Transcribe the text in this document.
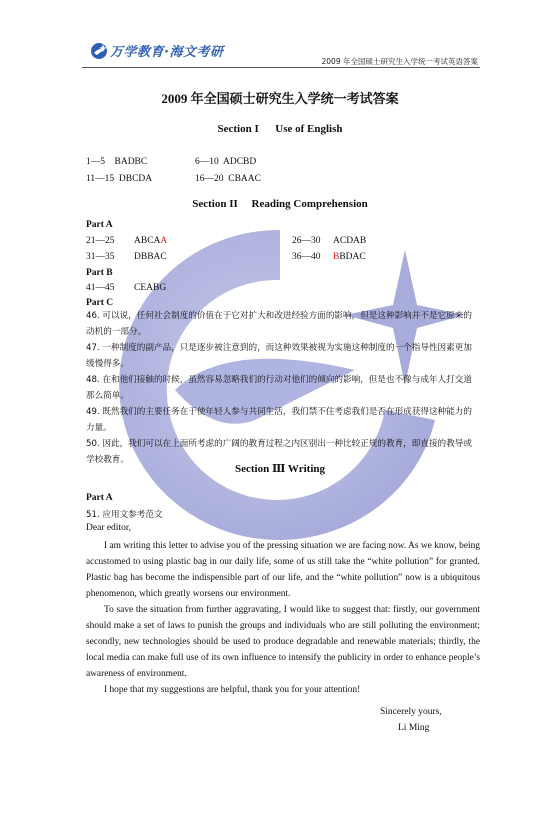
万学教育·海文考研
2009 年全国硕士研究生入学统一考试英语答案
2009 年全国硕士研究生入学统一考试答案
Section I      Use of English
1—5    BADBC	6—10  ADCBD
11—15  DBCDA	16—20  CBAAC
Section II     Reading Comprehension
Part A
21—25 ABCAA	26—30 ACDAB
31—35 DBBAC	36—40 BBDAC
Part B
41—45 CEABG
Part C
46. 可以说，任何社会制度的价值在于它对扩大和改进经验方面的影响，但是这种影响并不是它原来的动机的一部分。
47. 一种制度的副产品，只是逐步被注意到的，而这种效果被视为实施这种制度的一个指导性因素更加缓慢得多。
48. 在和他们接触的时候，虽然容易忽略我们的行动对他们的倾向的影响，但是也不像与成年人打交道那么简单。
49. 既然我们的主要任务在于使年轻人参与共同生活，我们禁不住考虑我们是否在形成获得这种能力的力量。
50. 因此，我们可以在上面所考虑的广阔的教育过程之内区别出一种比较正规的教育，即直接的教导或学校教育。
Section Ⅲ Writing
Part A
51. 应用文参考范文
Dear editor,

I am writing this letter to advise you of the pressing situation we are facing now. As we know, being accustomed to using plastic bag in our daily life, some of us still take the “white pollution” for granted. Plastic bag has become the indispensible part of our life, and the “white pollution” now is a ubiquitous phenomenon, which greatly worsens our environment.

To save the situation from further aggravating, I would like to suggest that: firstly, our government should make a set of laws to punish the groups and individuals who are still polluting the environment; secondly, new technologies should be used to produce degradable and renewable materials; thirdly, the local media can make full use of its own influence to intensify the publicity in order to enhance people’s awareness of environment.

I hope that my suggestions are helpful, thank you for your attention!

Sincerely yours,
Li Ming
